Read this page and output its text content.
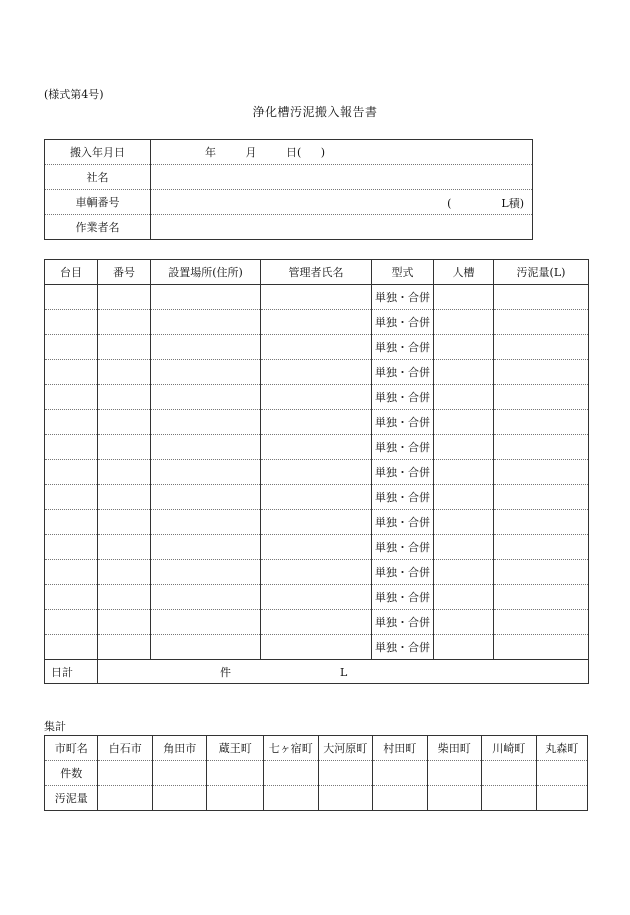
(様式第4号)
浄化槽汚泥搬入報告書
搬入年月日	年 月 日( )
社名	
車輌番号	( L積)

作業者名	
台目	番号	設置場所(住所)	管理者氏名	型式	人槽	汚泥量(L)
				単独・合併		
				単独・合併		
				単独・合併		
				単独・合併		
				単独・合併		
				単独・合併		
				単独・合併		
				単独・合併		
				単独・合併		
				単独・合併		
				単独・合併		
				単独・合併		
				単独・合併		
				単独・合併		
				単独・合併		
日計	件 L					
集計
市町名	白石市	角田市	蔵王町	七ヶ宿町	大河原町	村田町	柴田町	川崎町	丸森町
件数									
汚泥量									
